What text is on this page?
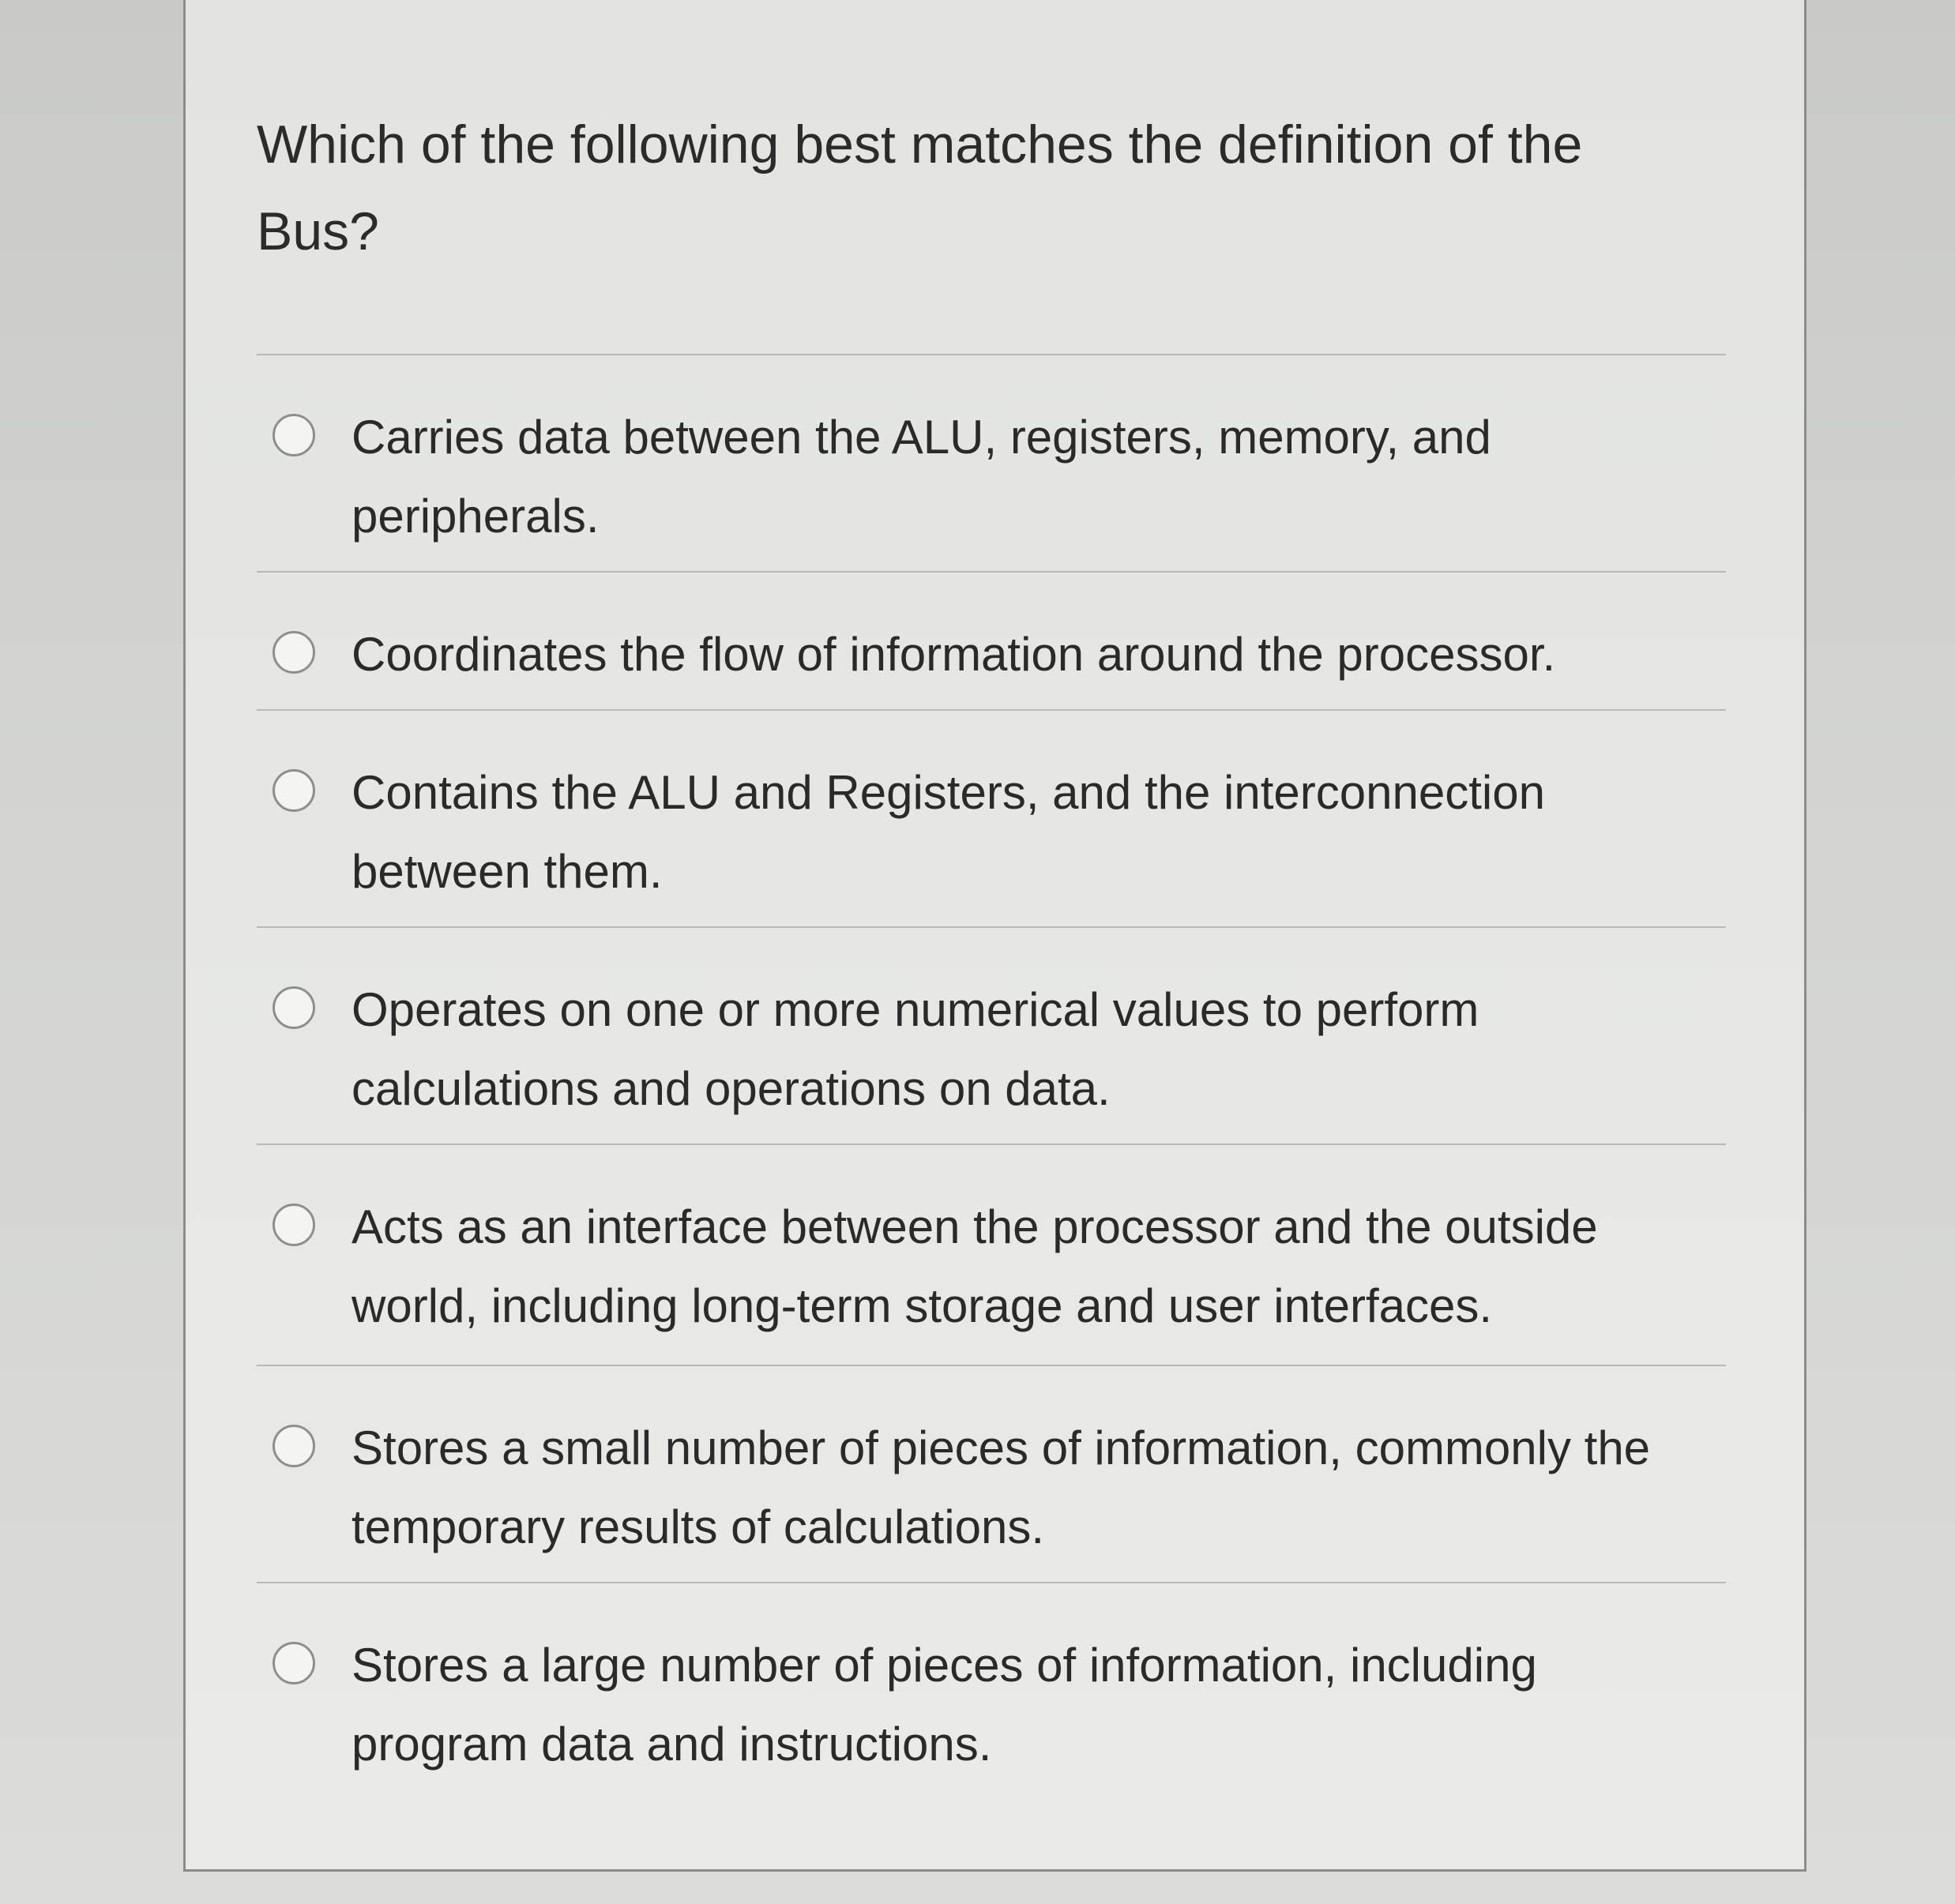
Which of the following best matches the definition of the Bus?
Carries data between the ALU, registers, memory, and peripherals.
Coordinates the flow of information around the processor.
Contains the ALU and Registers, and the interconnection between them.
Operates on one or more numerical values to perform calculations and operations on data.
Acts as an interface between the processor and the outside world, including long-term storage and user interfaces.
Stores a small number of pieces of information, commonly the temporary results of calculations.
Stores a large number of pieces of information, including program data and instructions.
